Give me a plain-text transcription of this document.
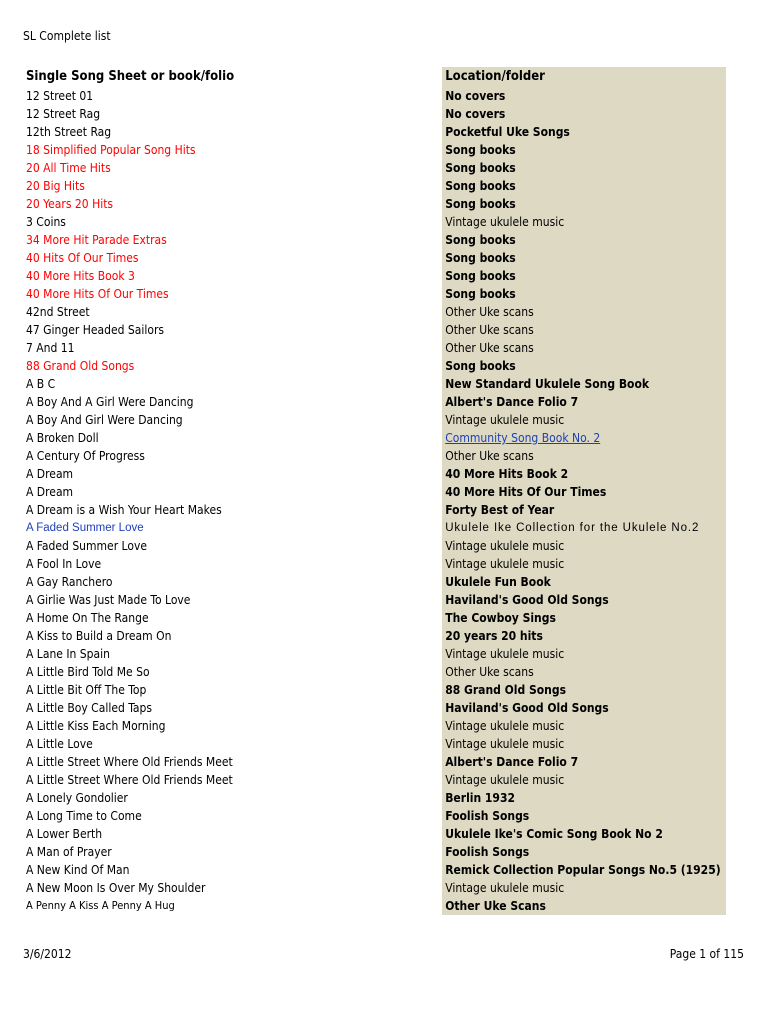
SL Complete list
Single Song Sheet or book/folio	Location/folder
12 Street 01	No covers
12 Street Rag	No covers
12th Street Rag	Pocketful Uke Songs
18 Simplified Popular Song Hits	Song books
20 All Time Hits	Song books
20 Big Hits	Song books
20 Years 20 Hits	Song books
3 Coins	Vintage ukulele music
34 More Hit Parade Extras	Song books
40 Hits Of Our Times	Song books
40 More Hits Book 3	Song books
40 More Hits Of Our Times	Song books
42nd Street	Other Uke scans
47 Ginger Headed Sailors	Other Uke scans
7 And 11	Other Uke scans
88 Grand Old Songs	Song books
A B C	New Standard Ukulele Song Book
A Boy And A Girl Were Dancing	Albert's Dance Folio 7
A Boy And Girl Were Dancing	Vintage ukulele music
A Broken Doll	Community Song Book No. 2
A Century Of Progress	Other Uke scans
A Dream	40 More Hits Book 2
A Dream	40 More Hits Of Our Times
A Dream is a Wish Your Heart Makes	Forty Best of Year
A Faded Summer Love	Ukulele Ike Collection for the Ukulele No.2
A Faded Summer Love	Vintage ukulele music
A Fool In Love	Vintage ukulele music
A Gay Ranchero	Ukulele Fun Book
A Girlie Was Just Made To Love	Haviland's Good Old Songs
A Home On The Range	The Cowboy Sings
A Kiss to Build a Dream On	20 years 20 hits
A Lane In Spain	Vintage ukulele music
A Little Bird Told Me So	Other Uke scans
A Little Bit Off The Top	88 Grand Old Songs
A Little Boy Called Taps	Haviland's Good Old Songs
A Little Kiss Each Morning	Vintage ukulele music
A Little Love	Vintage ukulele music
A Little Street Where Old Friends Meet	Albert's Dance Folio 7
A Little Street Where Old Friends Meet	Vintage ukulele music
A Lonely Gondolier	Berlin 1932
A Long Time to Come	Foolish Songs
A Lower Berth	Ukulele Ike's Comic Song Book No 2
A Man of Prayer	Foolish Songs
A New Kind Of Man	Remick Collection Popular Songs No.5 (1925)
A New Moon Is Over My Shoulder	Vintage ukulele music
A Penny A Kiss A Penny A Hug	Other Uke Scans
3/6/2012	Page 1 of 115
